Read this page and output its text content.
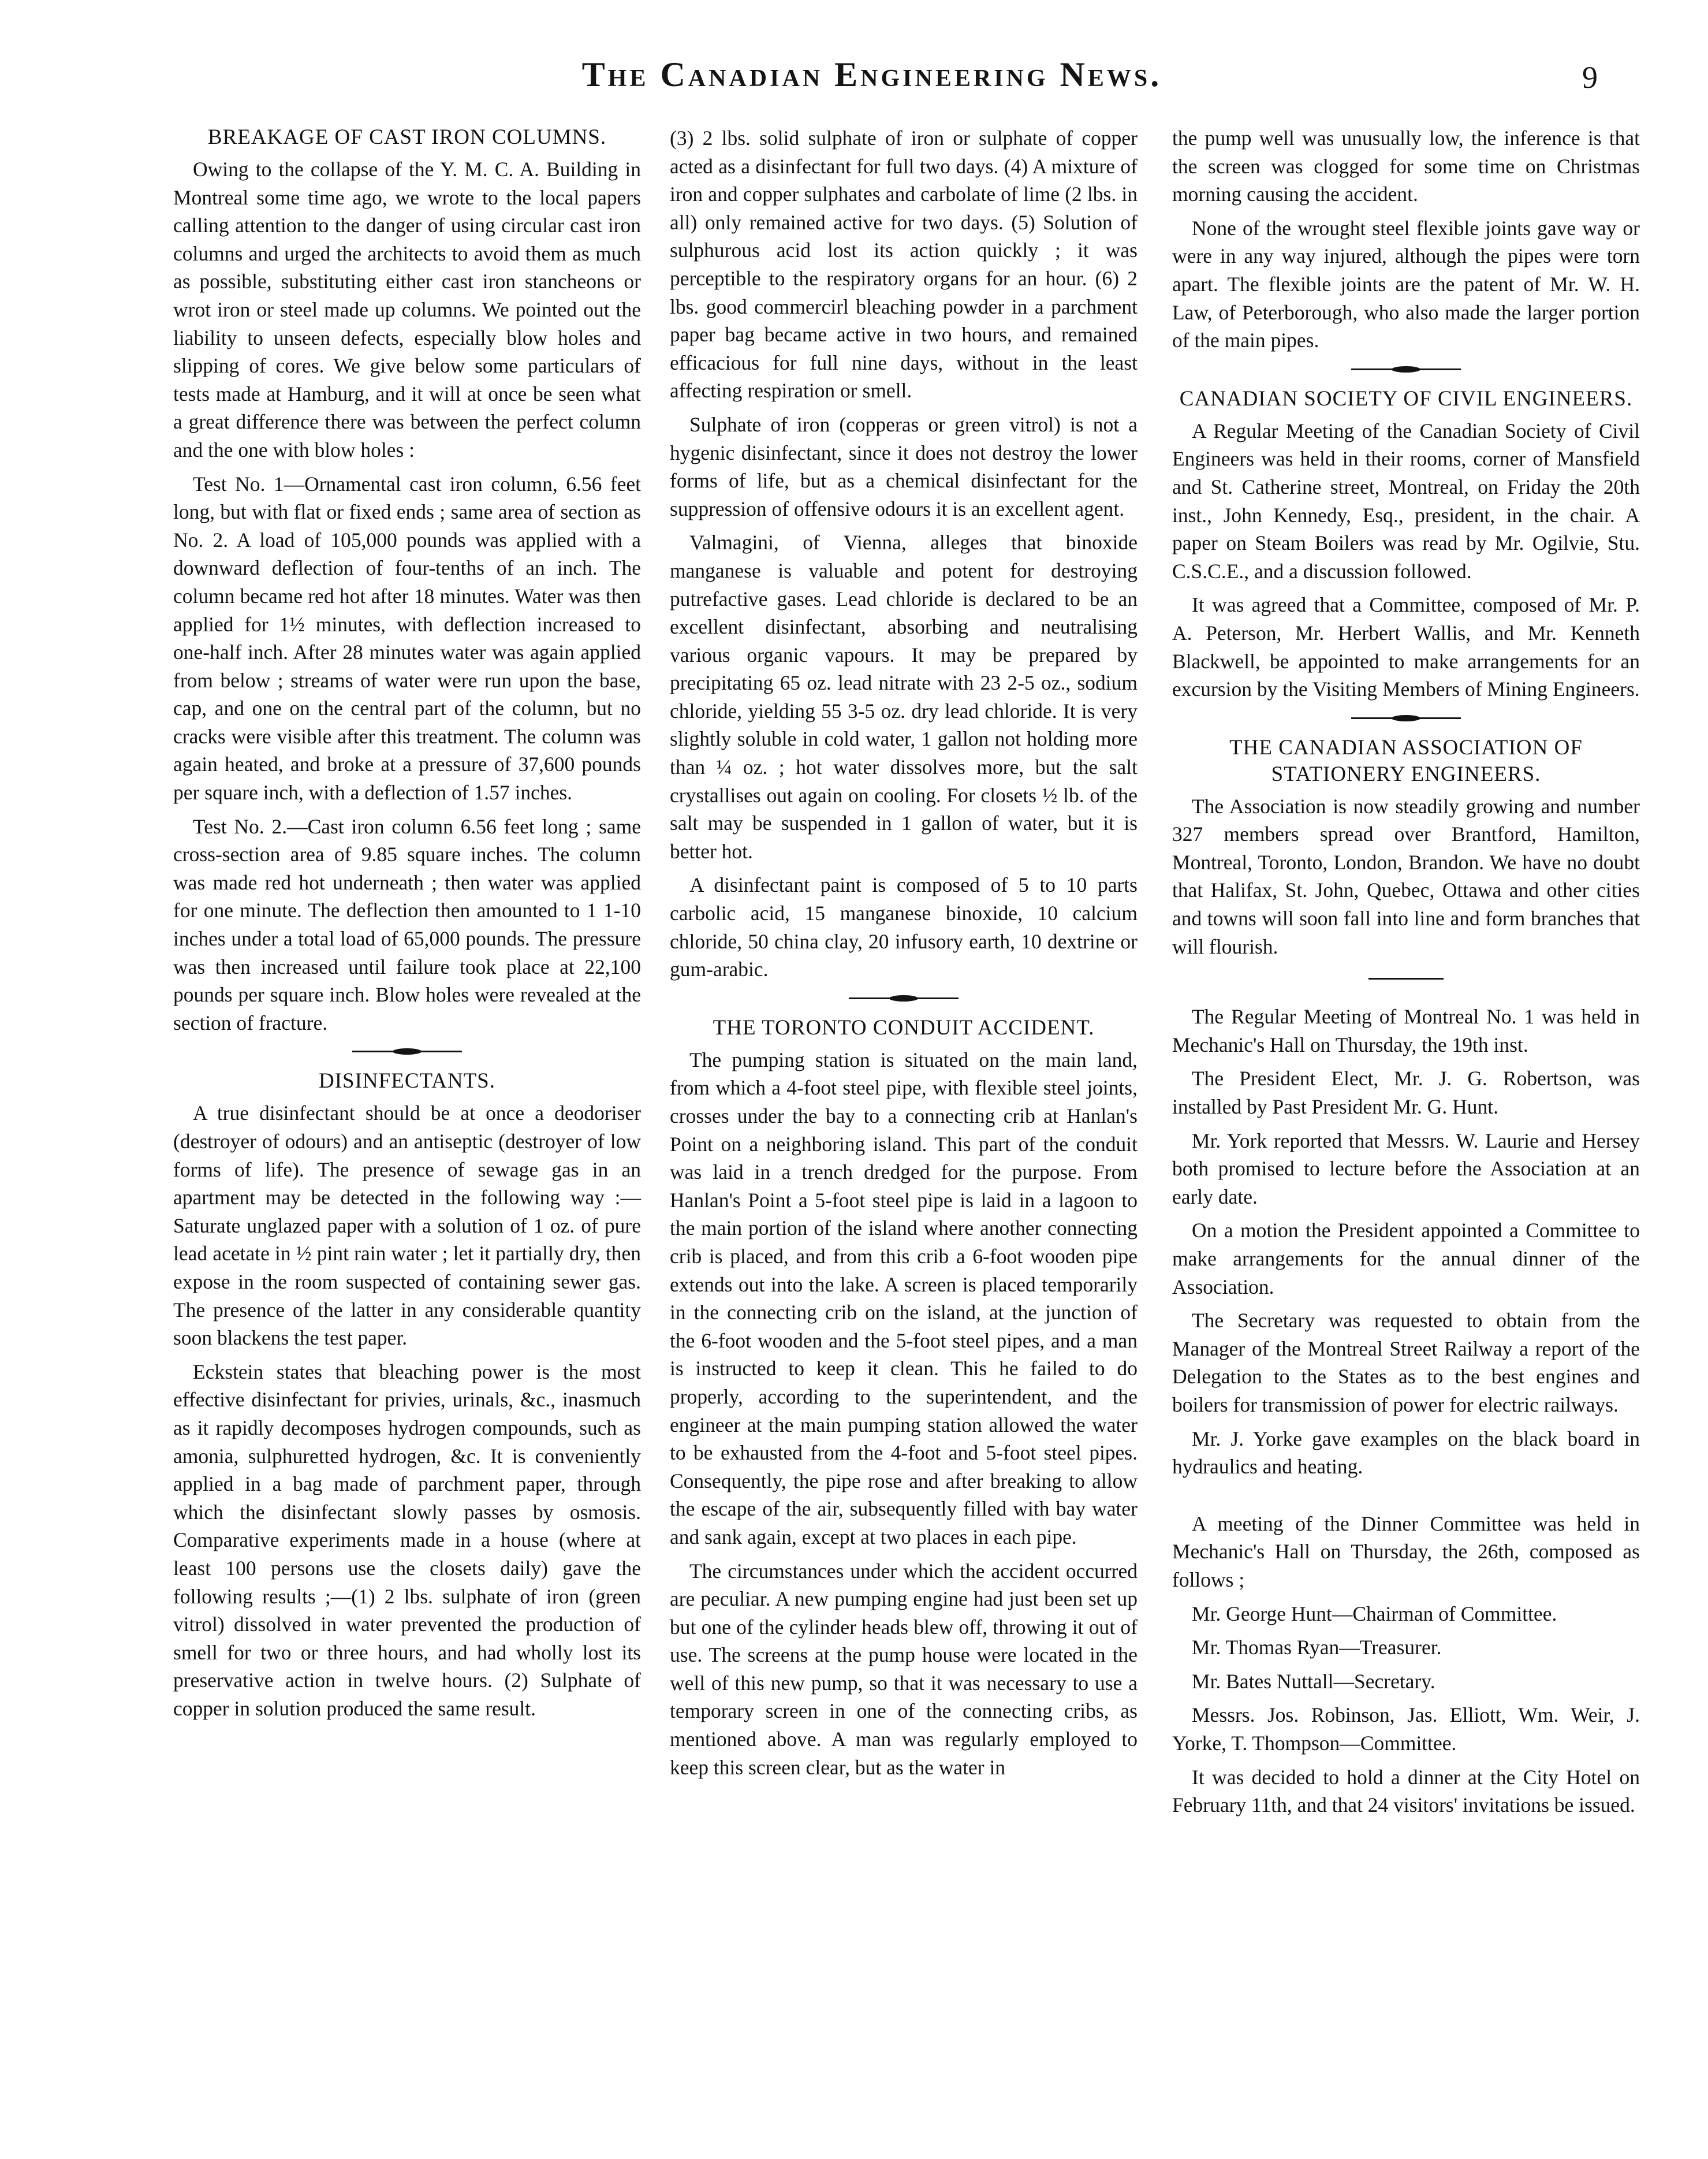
The Canadian Engineering News.	9
BREAKAGE OF CAST IRON COLUMNS.

Owing to the collapse of the Y. M. C. A. Building in Montreal some time ago, we wrote to the local papers calling attention to the danger of using circular cast iron columns and urged the architects to avoid them as much as possible, substituting either cast iron stancheons or wrot iron or steel made up columns. We pointed out the liability to unseen defects, especially blow holes and slipping of cores. We give below some particulars of tests made at Hamburg, and it will at once be seen what a great difference there was between the perfect column and the one with blow holes :

Test No. 1—Ornamental cast iron column, 6.56 feet long, but with flat or fixed ends ; same area of section as No. 2. A load of 105,000 pounds was applied with a downward deflection of four-tenths of an inch. The column became red hot after 18 minutes. Water was then applied for 1½ minutes, with deflection increased to one-half inch. After 28 minutes water was again applied from below ; streams of water were run upon the base, cap, and one on the central part of the column, but no cracks were visible after this treatment. The column was again heated, and broke at a pressure of 37,600 pounds per square inch, with a deflection of 1.57 inches.

Test No. 2.—Cast iron column 6.56 feet long ; same cross-section area of 9.85 square inches. The column was made red hot underneath ; then water was applied for one minute. The deflection then amounted to 1 1-10 inches under a total load of 65,000 pounds. The pressure was then increased until failure took place at 22,100 pounds per square inch. Blow holes were revealed at the section of fracture.

DISINFECTANTS.

A true disinfectant should be at once a deodoriser (destroyer of odours) and an antiseptic (destroyer of low forms of life). The presence of sewage gas in an apartment may be detected in the following way :—Saturate unglazed paper with a solution of 1 oz. of pure lead acetate in ½ pint rain water ; let it partially dry, then expose in the room suspected of containing sewer gas. The presence of the latter in any considerable quantity soon blackens the test paper.

Eckstein states that bleaching power is the most effective disinfectant for privies, urinals, &c., inasmuch as it rapidly decomposes hydrogen compounds, such as amonia, sulphuretted hydrogen, &c. It is conveniently applied in a bag made of parchment paper, through which the disinfectant slowly passes by osmosis. Comparative experiments made in a house (where at least 100 persons use the closets daily) gave the following results ;—(1) 2 lbs. sulphate of iron (green vitrol) dissolved in water prevented the production of smell for two or three hours, and had wholly lost its preservative action in twelve hours. (2) Sulphate of copper in solution produced the same result.

(3) 2 lbs. solid sulphate of iron or sulphate of copper acted as a disinfectant for full two days. (4) A mixture of iron and copper sulphates and carbolate of lime (2 lbs. in all) only remained active for two days. (5) Solution of sulphurous acid lost its action quickly ; it was perceptible to the respiratory organs for an hour. (6) 2 lbs. good commercirl bleaching powder in a parchment paper bag became active in two hours, and remained efficacious for full nine days, without in the least affecting respiration or smell.

Sulphate of iron (copperas or green vitrol) is not a hygenic disinfectant, since it does not destroy the lower forms of life, but as a chemical disinfectant for the suppression of offensive odours it is an excellent agent.

Valmagini, of Vienna, alleges that binoxide manganese is valuable and potent for destroying putrefactive gases. Lead chloride is declared to be an excellent disinfectant, absorbing and neutralising various organic vapours. It may be prepared by precipitating 65 oz. lead nitrate with 23 2-5 oz., sodium chloride, yielding 55 3-5 oz. dry lead chloride. It is very slightly soluble in cold water, 1 gallon not holding more than ¼ oz. ; hot water dissolves more, but the salt crystallises out again on cooling. For closets ½ lb. of the salt may be suspended in 1 gallon of water, but it is better hot.

A disinfectant paint is composed of 5 to 10 parts carbolic acid, 15 manganese binoxide, 10 calcium chloride, 50 china clay, 20 infusory earth, 10 dextrine or gum-arabic.

THE TORONTO CONDUIT ACCIDENT.

The pumping station is situated on the main land, from which a 4-foot steel pipe, with flexible steel joints, crosses under the bay to a connecting crib at Hanlan's Point on a neighboring island. This part of the conduit was laid in a trench dredged for the purpose. From Hanlan's Point a 5-foot steel pipe is laid in a lagoon to the main portion of the island where another connecting crib is placed, and from this crib a 6-foot wooden pipe extends out into the lake. A screen is placed temporarily in the connecting crib on the island, at the junction of the 6-foot wooden and the 5-foot steel pipes, and a man is instructed to keep it clean. This he failed to do properly, according to the superintendent, and the engineer at the main pumping station allowed the water to be exhausted from the 4-foot and 5-foot steel pipes. Consequently, the pipe rose and after breaking to allow the escape of the air, subsequently filled with bay water and sank again, except at two places in each pipe.

The circumstances under which the accident occurred are peculiar. A new pumping engine had just been set up but one of the cylinder heads blew off, throwing it out of use. The screens at the pump house were located in the well of this new pump, so that it was necessary to use a temporary screen in one of the connecting cribs, as mentioned above. A man was regularly employed to keep this screen clear, but as the water in

the pump well was unusually low, the inference is that the screen was clogged for some time on Christmas morning causing the accident.

None of the wrought steel flexible joints gave way or were in any way injured, although the pipes were torn apart. The flexible joints are the patent of Mr. W. H. Law, of Peterborough, who also made the larger portion of the main pipes.

CANADIAN SOCIETY OF CIVIL ENGINEERS.

A Regular Meeting of the Canadian Society of Civil Engineers was held in their rooms, corner of Mansfield and St. Catherine street, Montreal, on Friday the 20th inst., John Kennedy, Esq., president, in the chair. A paper on Steam Boilers was read by Mr. Ogilvie, Stu. C.S.C.E., and a discussion followed.

It was agreed that a Committee, composed of Mr. P. A. Peterson, Mr. Herbert Wallis, and Mr. Kenneth Blackwell, be appointed to make arrangements for an excursion by the Visiting Members of Mining Engineers.

THE CANADIAN ASSOCIATION OF STATIONERY ENGINEERS.

The Association is now steadily growing and number 327 members spread over Brantford, Hamilton, Montreal, Toronto, London, Brandon. We have no doubt that Halifax, St. John, Quebec, Ottawa and other cities and towns will soon fall into line and form branches that will flourish.

The Regular Meeting of Montreal No. 1 was held in Mechanic's Hall on Thursday, the 19th inst.

The President Elect, Mr. J. G. Robertson, was installed by Past President Mr. G. Hunt.

Mr. York reported that Messrs. W. Laurie and Hersey both promised to lecture before the Association at an early date.

On a motion the President appointed a Committee to make arrangements for the annual dinner of the Association.

The Secretary was requested to obtain from the Manager of the Montreal Street Railway a report of the Delegation to the States as to the best engines and boilers for transmission of power for electric railways.

Mr. J. Yorke gave examples on the black board in hydraulics and heating.

A meeting of the Dinner Committee was held in Mechanic's Hall on Thursday, the 26th, composed as follows ;

Mr. George Hunt—Chairman of Committee.

Mr. Thomas Ryan—Treasurer.

Mr. Bates Nuttall—Secretary.

Messrs. Jos. Robinson, Jas. Elliott, Wm. Weir, J. Yorke, T. Thompson—Committee.

It was decided to hold a dinner at the City Hotel on February 11th, and that 24 visitors' invitations be issued.
